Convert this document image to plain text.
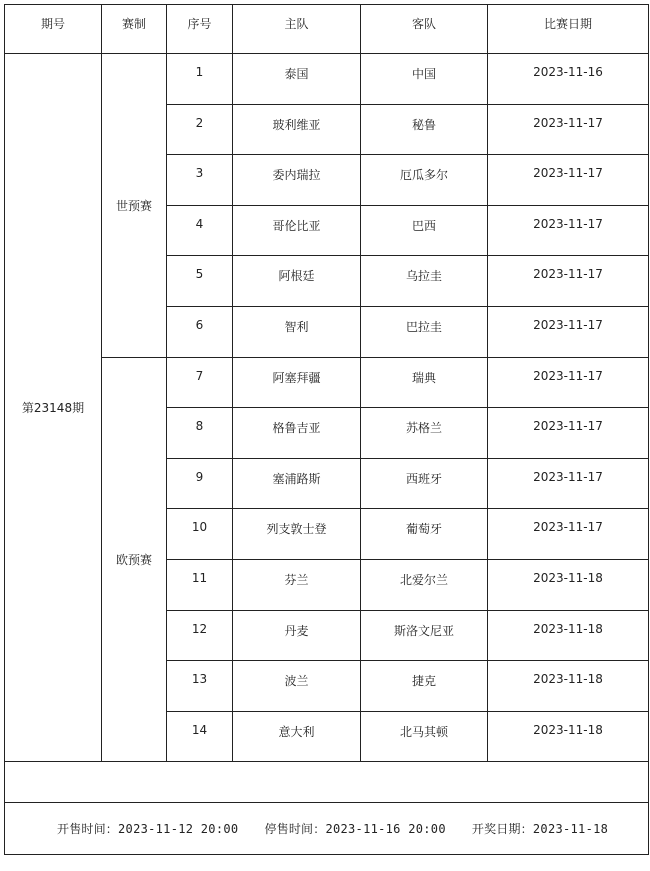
期号	赛制	序号	主队	客队	比赛日期
第23148期	世预赛	1	泰国	中国	2023-11-16
		2	玻利维亚	秘鲁	2023-11-17
		3	委内瑞拉	厄瓜多尔	2023-11-17
		4	哥伦比亚	巴西	2023-11-17
		5	阿根廷	乌拉圭	2023-11-17
		6	智利	巴拉圭	2023-11-17
	欧预赛	7	阿塞拜疆	瑞典	2023-11-17
		8	格鲁吉亚	苏格兰	2023-11-17
		9	塞浦路斯	西班牙	2023-11-17
		10	列支敦士登	葡萄牙	2023-11-17
		11	芬兰	北爱尔兰	2023-11-18
		12	丹麦	斯洛文尼亚	2023-11-18
		13	波兰	捷克	2023-11-18
		14	意大利	北马其顿	2023-11-18

开售时间：2023-11-12 20:00 停售时间：2023-11-16 20:00 开奖日期：2023-11-18					
